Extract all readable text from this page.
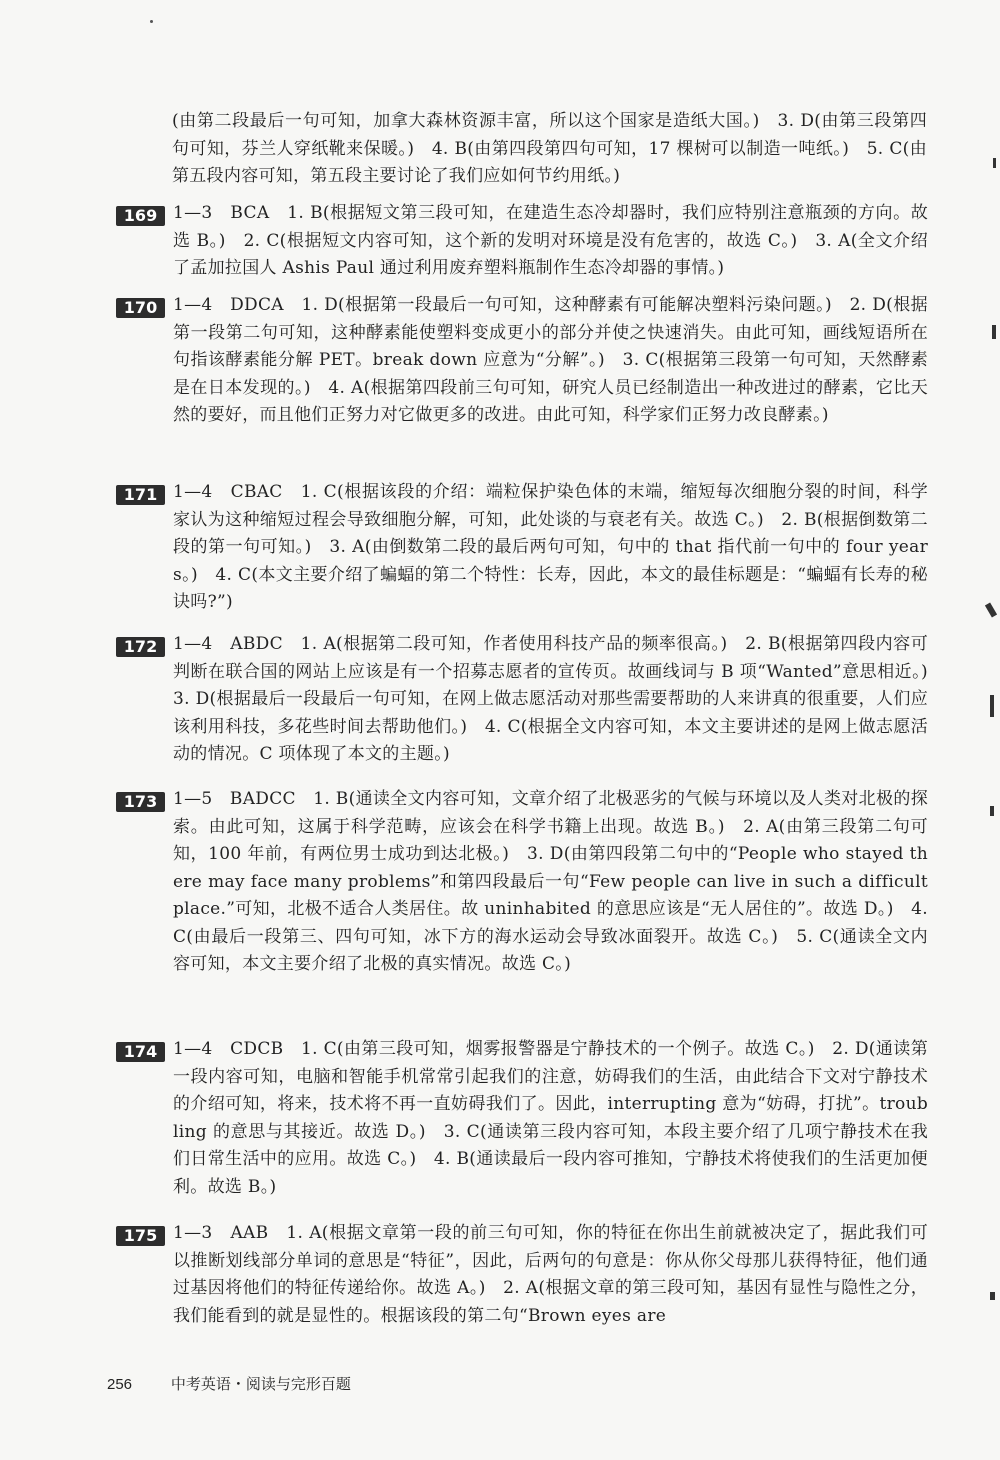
(由第二段最后一句可知，加拿大森林资源丰富，所以这个国家是造纸大国。)　3. D(由第三段第四句可知，芬兰人穿纸靴来保暖。)　4. B(由第四段第四句可知，17 棵树可以制造一吨纸。)　5. C(由第五段内容可知，第五段主要讨论了我们应如何节约用纸。)
169 1—3　BCA　1. B(根据短文第三段可知，在建造生态冷却器时，我们应特别注意瓶颈的方向。故选 B。)　2. C(根据短文内容可知，这个新的发明对环境是没有危害的，故选 C。)　3. A(全文介绍了孟加拉国人 Ashis Paul 通过利用废弃塑料瓶制作生态冷却器的事情。)
170 1—4　DDCA　1. D(根据第一段最后一句可知，这种酵素有可能解决塑料污染问题。)　2. D(根据第一段第二句可知，这种酵素能使塑料变成更小的部分并使之快速消失。由此可知，画线短语所在句指该酵素能分解 PET。break down 应意为“分解”。)　3. C(根据第三段第一句可知，天然酵素是在日本发现的。)　4. A(根据第四段前三句可知，研究人员已经制造出一种改进过的酵素，它比天然的要好，而且他们正努力对它做更多的改进。由此可知，科学家们正努力改良酵素。)
171 1—4　CBAC　1. C(根据该段的介绍：端粒保护染色体的末端，缩短每次细胞分裂的时间，科学家认为这种缩短过程会导致细胞分解，可知，此处谈的与衰老有关。故选 C。)　2. B(根据倒数第二段的第一句可知。)　3. A(由倒数第二段的最后两句可知，句中的 that 指代前一句中的 four years。)　4. C(本文主要介绍了蝙蝠的第二个特性：长寿，因此，本文的最佳标题是：“蝙蝠有长寿的秘诀吗?”)
172 1—4　ABDC　1. A(根据第二段可知，作者使用科技产品的频率很高。)　2. B(根据第四段内容可判断在联合国的网站上应该是有一个招募志愿者的宣传页。故画线词与 B 项“Wanted”意思相近。)　3. D(根据最后一段最后一句可知，在网上做志愿活动对那些需要帮助的人来讲真的很重要，人们应该利用科技，多花些时间去帮助他们。)　4. C(根据全文内容可知，本文主要讲述的是网上做志愿活动的情况。C 项体现了本文的主题。)
173 1—5　BADCC　1. B(通读全文内容可知，文章介绍了北极恶劣的气候与环境以及人类对北极的探索。由此可知，这属于科学范畴，应该会在科学书籍上出现。故选 B。)　2. A(由第三段第二句可知，100 年前，有两位男士成功到达北极。)　3. D(由第四段第二句中的“People who stayed there may face many problems”和第四段最后一句“Few people can live in such a difficult place.”可知，北极不适合人类居住。故 uninhabited 的意思应该是“无人居住的”。故选 D。)　4. C(由最后一段第三、四句可知，冰下方的海水运动会导致冰面裂开。故选 C。)　5. C(通读全文内容可知，本文主要介绍了北极的真实情况。故选 C。)
174 1—4　CDCB　1. C(由第三段可知，烟雾报警器是宁静技术的一个例子。故选 C。)　2. D(通读第一段内容可知，电脑和智能手机常常引起我们的注意，妨碍我们的生活，由此结合下文对宁静技术的介绍可知，将来，技术将不再一直妨碍我们了。因此，interrupting 意为“妨碍，打扰”。troubling 的意思与其接近。故选 D。)　3. C(通读第三段内容可知，本段主要介绍了几项宁静技术在我们日常生活中的应用。故选 C。)　4. B(通读最后一段内容可推知，宁静技术将使我们的生活更加便利。故选 B。)
175 1—3　AAB　1. A(根据文章第一段的前三句可知，你的特征在你出生前就被决定了，据此我们可以推断划线部分单词的意思是“特征”，因此，后两句的句意是：你从你父母那儿获得特征，他们通过基因将他们的特征传递给你。故选 A。)　2. A(根据文章的第三段可知，基因有显性与隐性之分，我们能看到的就是显性的。根据该段的第二句“Brown eyes are
256	中考英语・阅读与完形百题
